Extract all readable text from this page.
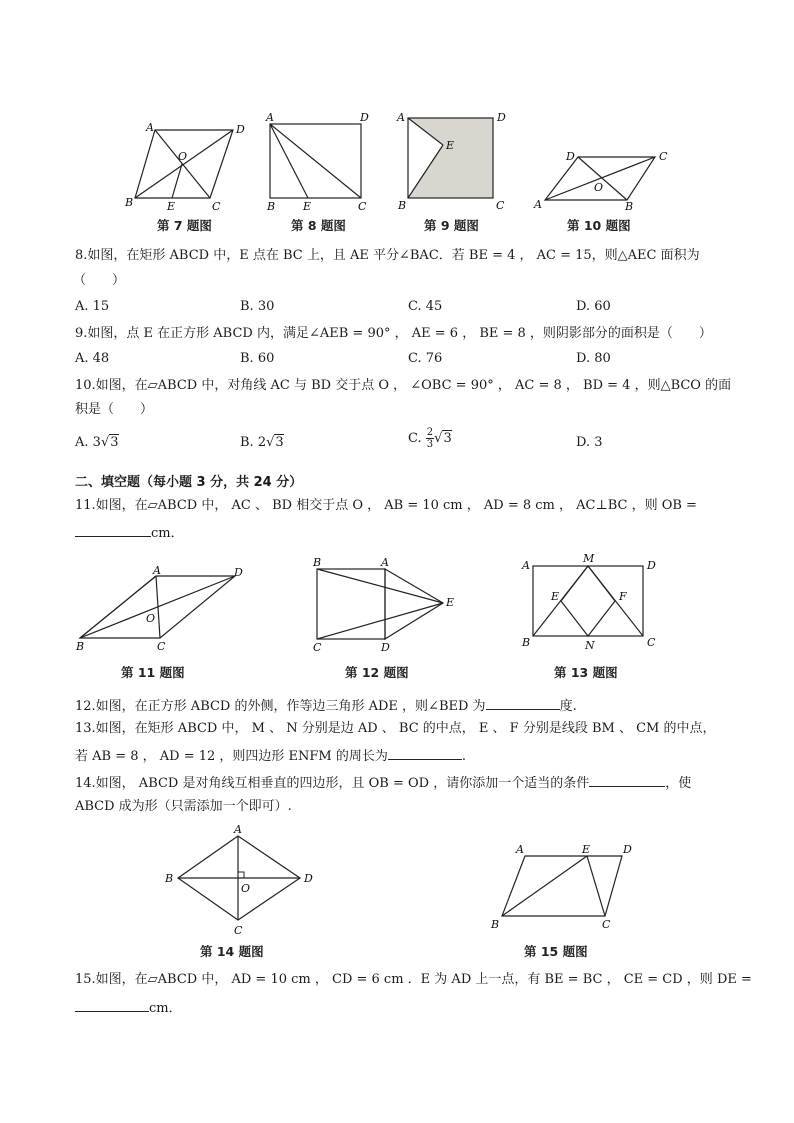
A	D
B	C
O
E
第 7 题图
A	D
B	E	C
第 8 题图
A	D
E
B	C
第 9 题图
D	C
A	B
O
第 10 题图
8.如图，在矩形 ABCD 中，E 点在 BC 上，且 AE 平分∠BAC．若 BE = 4 ， AC = 15，则△AEC 面积为
（　　）
A. 15	B. 30	C. 45	D. 60
9.如图，点 E 在正方形 ABCD 内，满足∠AEB = 90° ， AE = 6 ， BE = 8 ，则阴影部分的面积是（　　）
A. 48	B. 60	C. 76	D. 80
10.如图，在▱ABCD 中，对角线 AC 与 BD 交于点 O ， ∠OBC = 90° ， AC = 8 ， BD = 4 ，则△BCO 的面
积是（　　）
A. 3√3	B. 2√3	C. $\frac{2}{3} √3$	D. 3
二、填空题（每小题 3 分，共 24 分）
11.如图，在▱ABCD 中， AC 、 BD 相交于点 O ， AB = 10 cm ， AD = 8 cm ， AC⊥BC ，则 OB =
cm．
A	D
O
B	C
第 11 题图
B	A
E
C	D
第 12 题图
A
M
D
E	F
B	N	C
第 13 题图
12.如图，在正方形 ABCD 的外侧，作等边三角形 ADE ，则∠BED 为	度.
13.如图，在矩形 ABCD 中， M 、 N 分别是边 AD 、 BC 的中点， E 、 F 分别是线段 BM 、 CM 的中点，
若 AB = 8 ， AD = 12 ，则四边形 ENFM 的周长为	.
14.如图， ABCD 是对角线互相垂直的四边形，且 OB = OD ，请你添加一个适当的条件	，使
ABCD 成为形（只需添加一个即可）.
A
B	D
O
C
第 14 题图
A	E	D
B	C
第 15 题图
15.如图，在▱ABCD 中， AD = 10 cm ， CD = 6 cm ．E 为 AD 上一点，有 BE = BC ， CE = CD ，则 DE =
cm．
